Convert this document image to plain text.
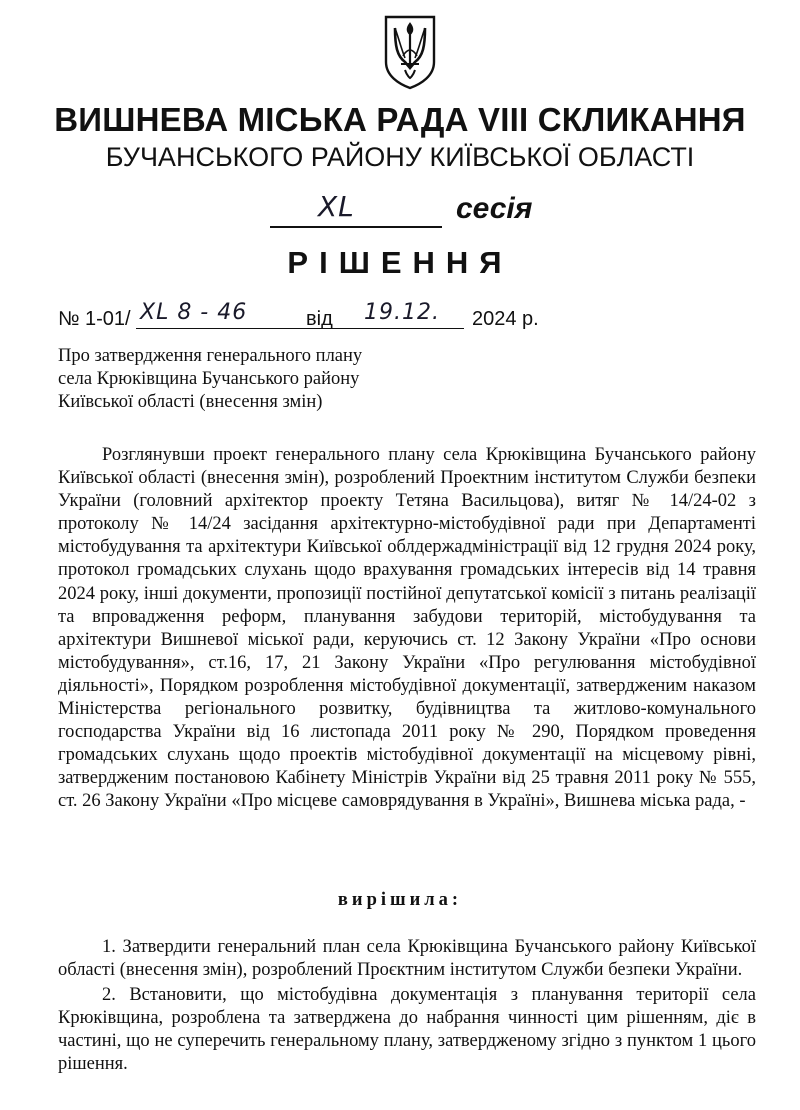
ВИШНЕВА МІСЬКА РАДА VIII СКЛИКАННЯ
БУЧАНСЬКОГО РАЙОНУ КИЇВСЬКОЇ ОБЛАСТІ
XL	сесія
РІШЕННЯ
№ 1-01/ XL 8 - 46	від 19.12. 2024 р.
Про затвердження генерального плану
села Крюківщина Бучанського району
Київської області (внесення змін)

Розглянувши проект генерального плану села Крюківщина Бучанського району Київської області (внесення змін), розроблений Проектним інститутом Служби безпеки України (головний архітектор проекту Тетяна Васильцова), витяг № 14/24-02 з протоколу № 14/24 засідання архітектурно-містобудівної ради при Департаменті містобудування та архітектури Київської облдержадміністрації від 12 грудня 2024 року, протокол громадських слухань щодо врахування громадських інтересів від 14 травня 2024 року, інші документи, пропозиції постійної депутатської комісії з питань реалізації та впровадження реформ, планування забудови територій, містобудування та архітектури Вишневої міської ради, керуючись ст. 12 Закону України «Про основи містобудування», ст.16, 17, 21 Закону України «Про регулювання містобудівної діяльності», Порядком розроблення містобудівної документації, затвердженим наказом Міністерства регіонального розвитку, будівництва та житлово-комунального господарства України від 16 листопада 2011 року № 290, Порядком проведення громадських слухань щодо проектів містобудівної документації на місцевому рівні, затвердженим постановою Кабінету Міністрів України від 25 травня 2011 року № 555, ст. 26 Закону України «Про місцеве самоврядування в Україні», Вишнева міська рада, -

вирішила:

1. Затвердити генеральний план села Крюківщина Бучанського району Київської області (внесення змін), розроблений Проєктним інститутом Служби безпеки України.

2. Встановити, що містобудівна документація з планування території села Крюківщина, розроблена та затверджена до набрання чинності цим рішенням, діє в частині, що не суперечить генеральному плану, затвердженому згідно з пунктом 1 цього рішення.
